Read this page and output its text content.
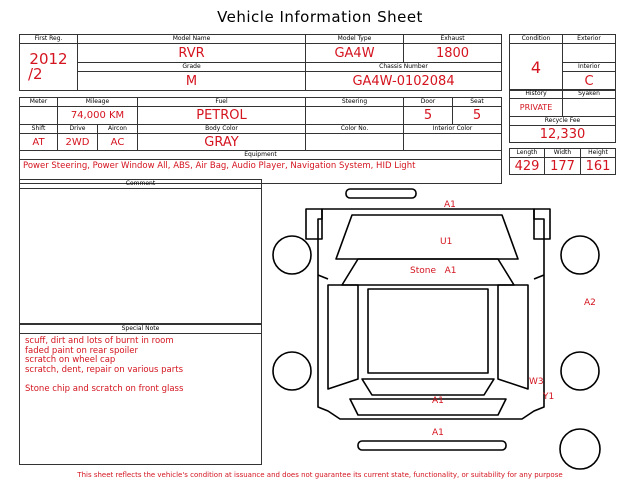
Vehicle Information Sheet
First Reg.		Model Name			Model Type	Exhaust	

2012
/2		RVR			GA4W	1800	
		Grade			Chassis Number		
		M			GA4W-0102084		

Meter	Mileage			Fuel	Steering	Door	Seat
	74,000 KM			PETROL		5	5
Shift	Drive		Aircon	Body Color	Color No.	Interior Color	
AT	2WD		AC	GRAY			
Equipment							
Power Steering, Power Window All, ABS, Air Bag, Audio Player, Navigation System, HID Light							
Condition	Exterior
4	
	Interior
	C
History	Syaken
PRIVATE	
Recycle Fee	
12,330	
Length	Width	Height
429	177	161
Comment
Special Note
scuff, dirt and lots of burnt in room
faded paint on rear spoiler
scratch on wheel cap
scratch, dent, repair on various parts
Stone chip and scratch on front glass
A1
U1
Stone   A1
A2
W3
Y1
A1
A1
This sheet reflects the vehicle's condition at issuance and does not guarantee its current state, functionality, or suitability for any purpose
